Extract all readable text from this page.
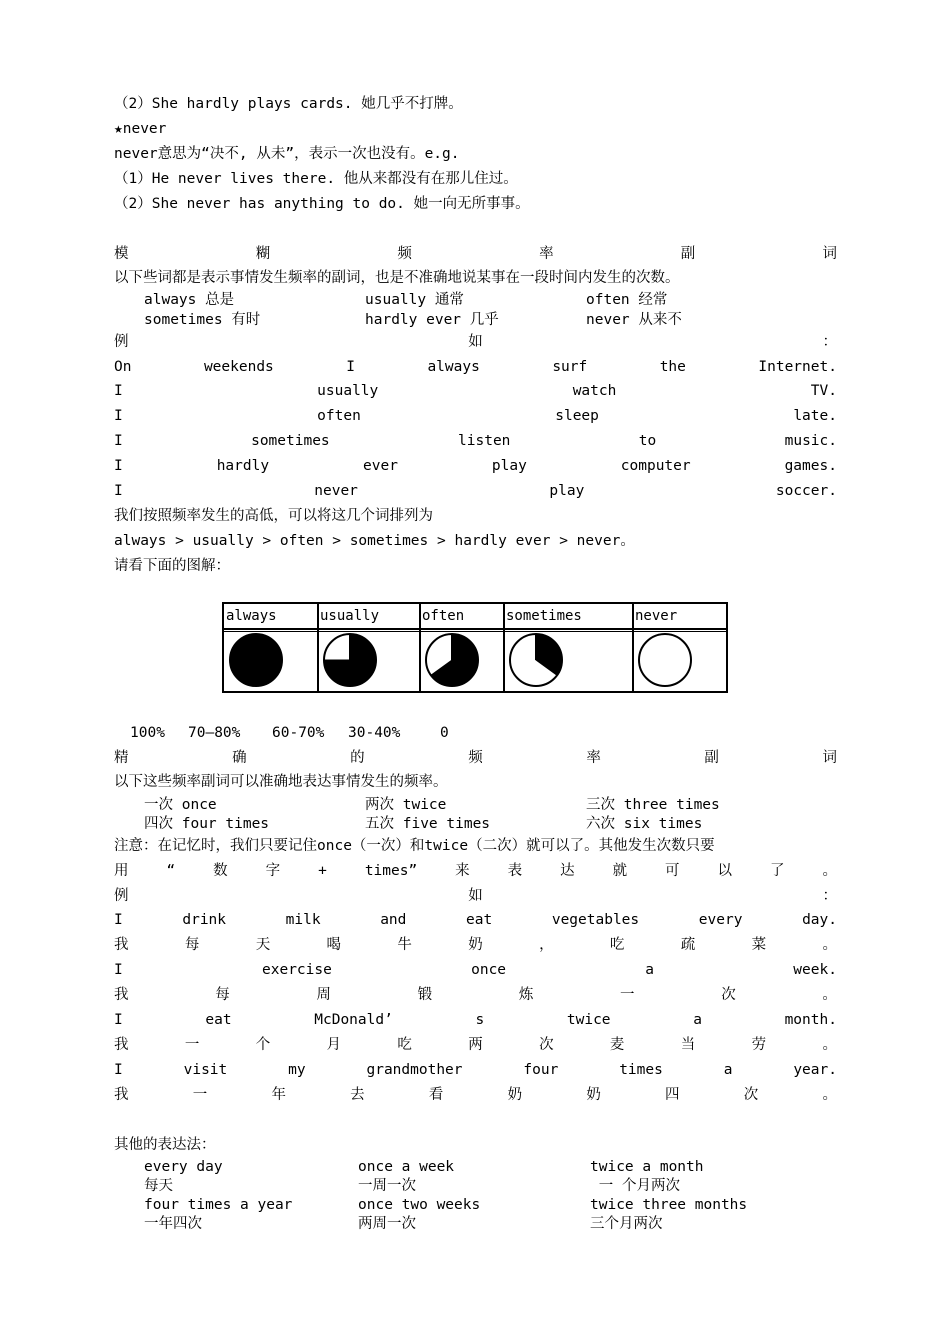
（2）She hardly plays cards. 她几乎不打牌。
★never
never意思为“决不, 从未”，表示一次也没有。e.g.
（1）He never lives there. 他从来都没有在那儿住过。
（2）She never has anything to do. 她一向无所事事。
模	糊	频	率	副	词
以下些词都是表示事情发生频率的副词，也是不准确地说某事在一段时间内发生的次数。
always 总是	usually 通常	often 经常
sometimes 有时	hardly ever 几乎	never 从来不
例	如	：
On	weekends	I	always	surf	the	Internet.
I	usually	watch	TV.
I	often	sleep	late.
I	sometimes	listen	to	music.
I	hardly	ever	play	computer	games.
I	never	play	soccer.
我们按照频率发生的高低，可以将这几个词排列为
always > usually > often > sometimes > hardly ever > never。
请看下面的图解：
always	usually	often	sometimes	never
100% 70—80% 60-70% 30-40%	0
精	确	的	频	率	副	词
以下这些频率副词可以准确地表达事情发生的频率。
一次 once	两次 twice	三次 three times
四次 four times	五次 five times	六次 six times
注意：在记忆时，我们只要记住once（一次）和twice（二次）就可以了。其他发生次数只要
用	“	数	字	+	times”	来	表	达	就	可	以	了	。
例	如	：
I	drink	milk	and	eat	vegetables	every	day.
我	每	天	喝	牛	奶	，	吃	疏	菜	。
I	exercise	once	a	week.
我	每	周	锻	炼	一	次	。
I	eat	McDonald’	s	twice	a	month.
我	一	个	月	吃	两	次	麦	当	劳	。
I	visit	my	grandmother	four	times	a	year.
我	一	年	去	看	奶	奶	四	次	。
其他的表达法：
every day	once a week	twice a month
每天	一周一次	一 个月两次
four times a year	once two weeks	twice three months
一年四次	两周一次	三个月两次
